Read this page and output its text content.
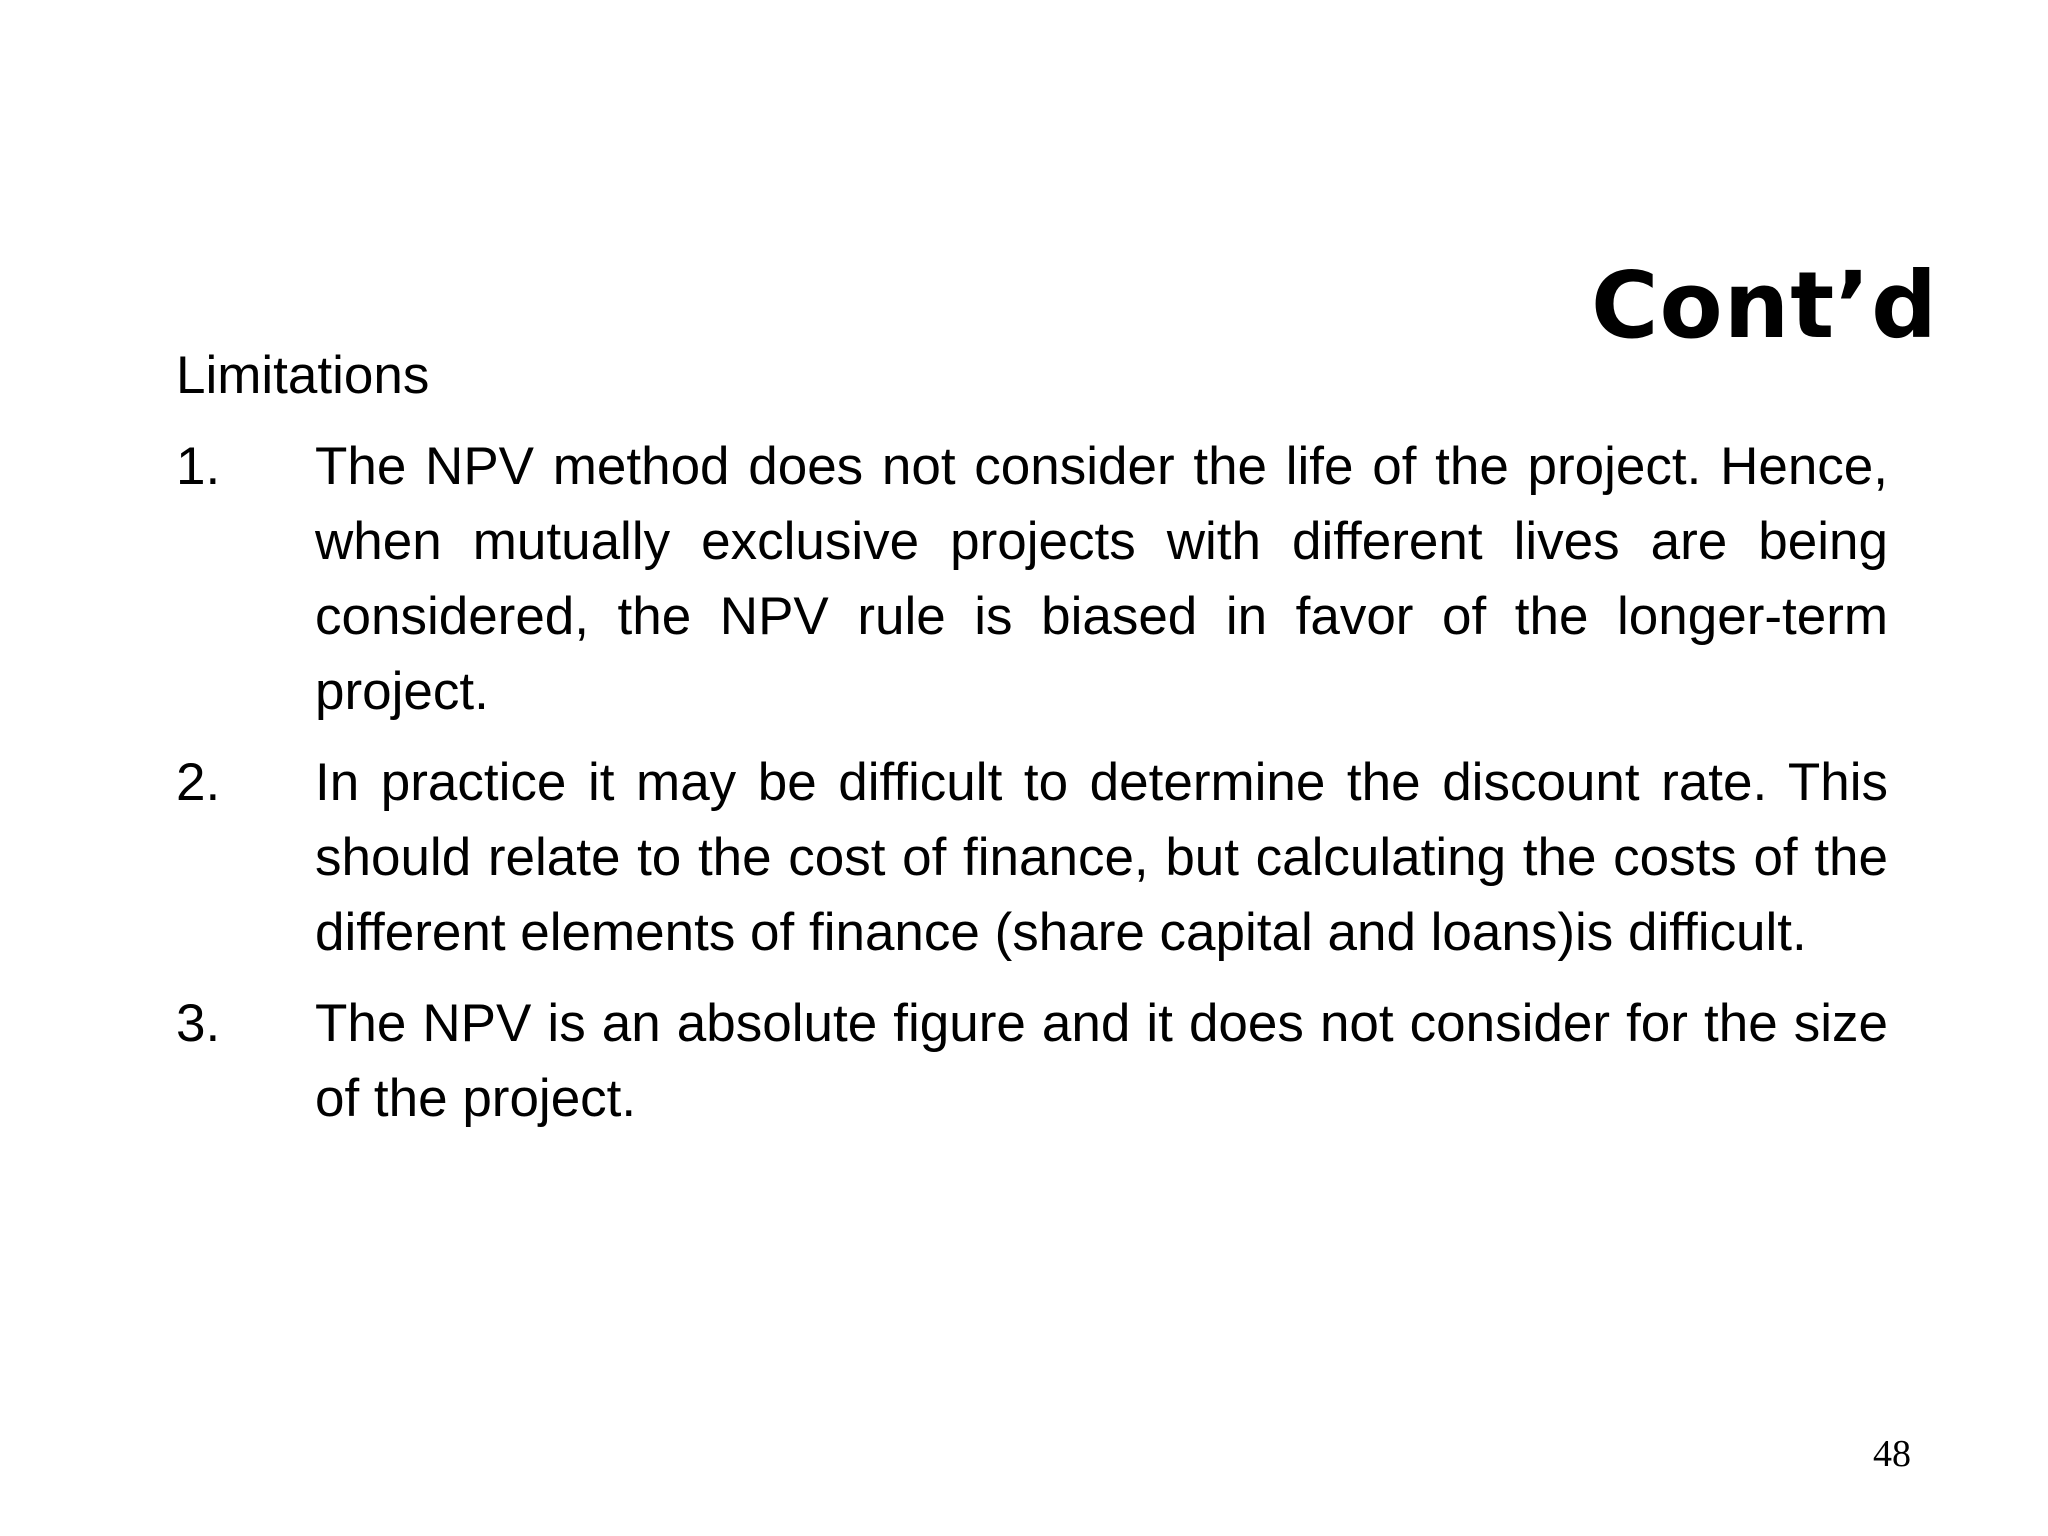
Cont’d
Limitations
1.	The NPV method does not consider the life of the project. Hence, when mutually exclusive projects with different lives are being considered, the NPV rule is biased in favor of the longer-term project.
2.	In practice it may be difficult to determine the discount rate. This should relate to the cost of finance, but calculating the costs of the different elements of finance (share capital and loans)is difficult.
3.	The NPV is an absolute figure and it does not consider for the size of the project.
48
